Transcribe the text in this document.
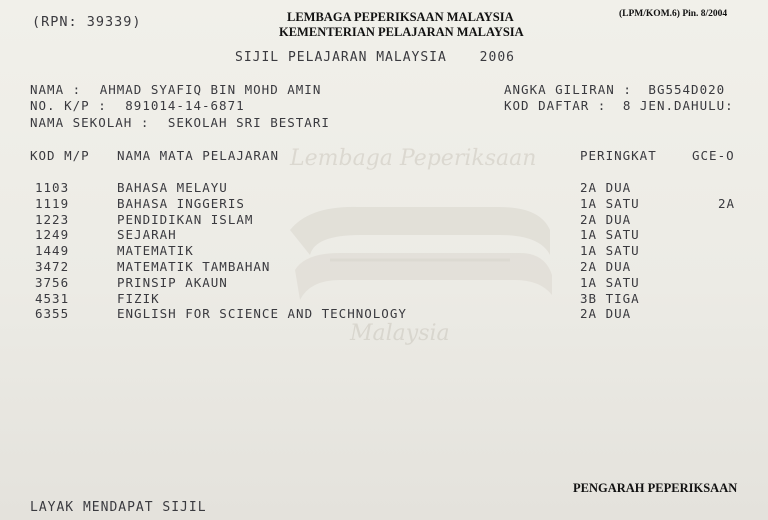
Lembaga Peperiksaan
Malaysia
(RPN: 39339)	LEMBAGA PEPERIKSAAN MALAYSIA
KEMENTERIAN PELAJARAN MALAYSIA
(LPM/KOM.6) Pin. 8/2004
SIJIL PELAJARAN MALAYSIA	2006
NAMA : AHMAD SYAFIQ BIN MOHD AMIN
NO. K/P : 891014-14-6871
NAMA SEKOLAH : SEKOLAH SRI BESTARI
ANGKA GILIRAN : BG554D020
KOD DAFTAR : 8 JEN.DAHULU:
KOD M/P NAMA MATA PELAJARAN	PERINGKAT	GCE-O
1103	BAHASA MELAYU	2A DUA
1119	BAHASA INGGERIS	1A SATU	2A
1223	PENDIDIKAN ISLAM	2A DUA
1249	SEJARAH	1A SATU
1449	MATEMATIK	1A SATU
3472	MATEMATIK TAMBAHAN	2A DUA
3756	PRINSIP AKAUN	1A SATU
4531	FIZIK	3B TIGA
6355	ENGLISH FOR SCIENCE AND TECHNOLOGY	2A DUA
PENGARAH PEPERIKSAAN
LAYAK MENDAPAT SIJIL
